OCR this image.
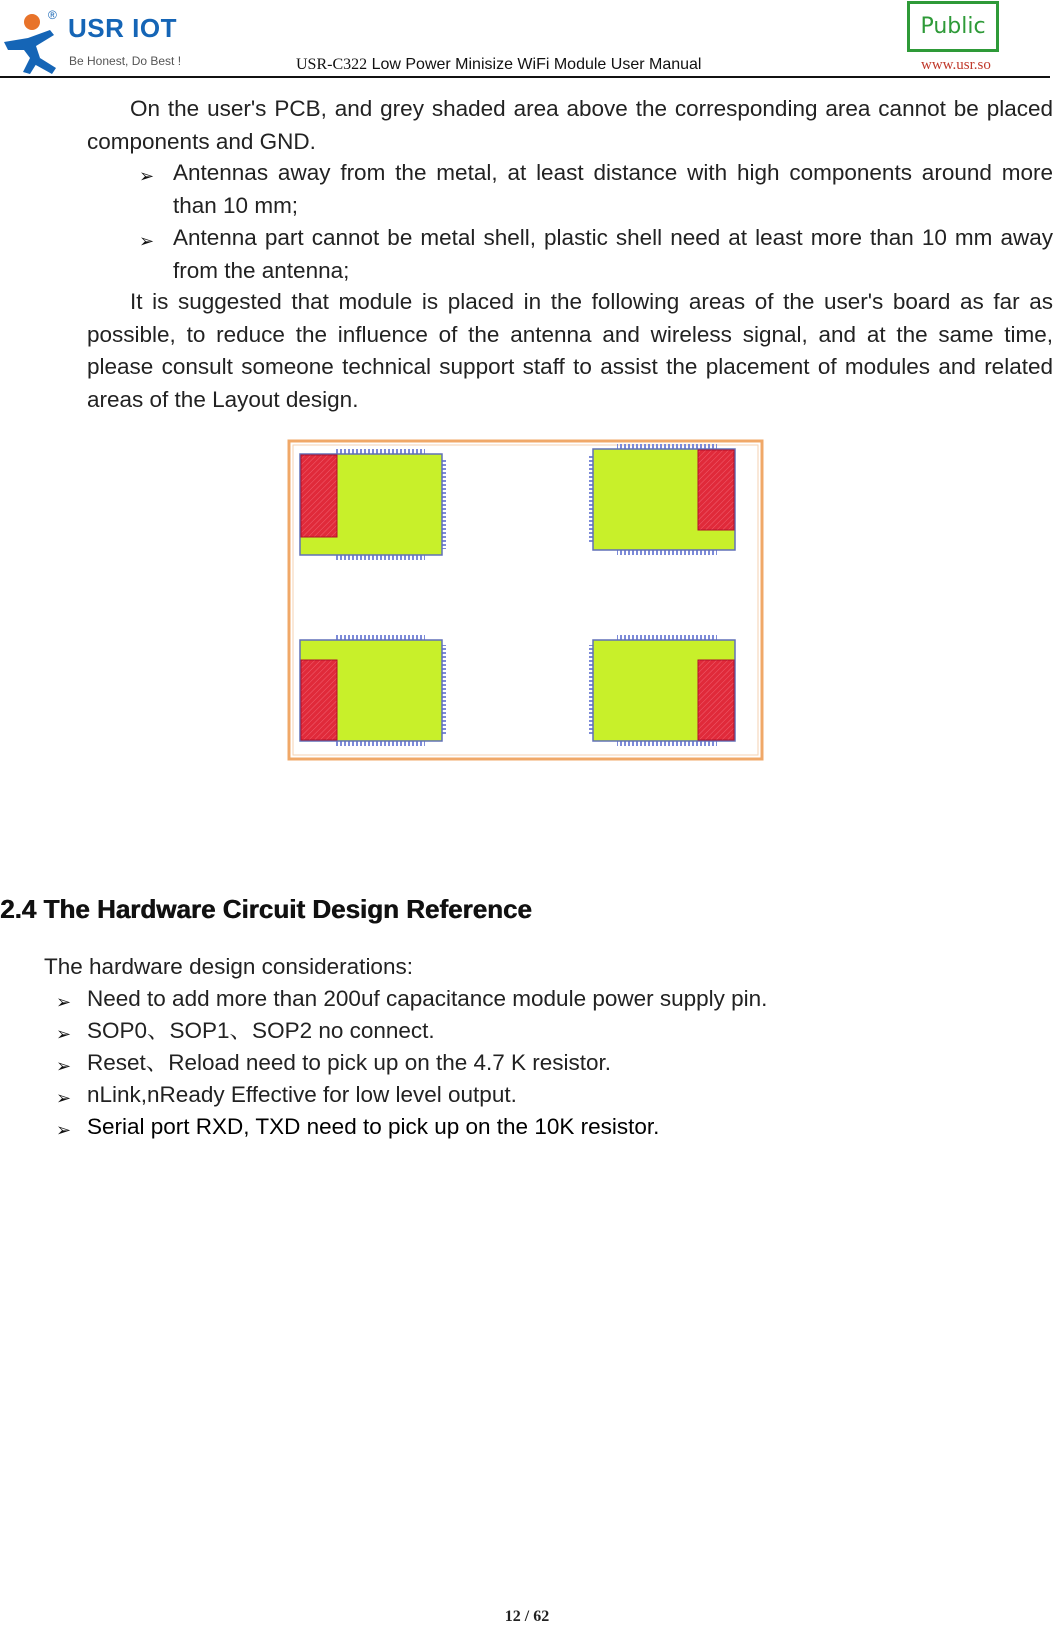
® USR IOT
Be Honest, Do Best !	USR-C322 Low Power Minisize WiFi Module User Manual
Public
www.usr.so
On the user's PCB, and grey shaded area above the corresponding area cannot be placed components and GND.
➢ Antennas away from the metal, at least distance with high components around more than 10 mm;
➢ Antenna part cannot be metal shell, plastic shell need at least more than 10 mm away from the antenna;
It is suggested that module is placed in the following areas of the user's board as far as possible, to reduce the influence of the antenna and wireless signal, and at the same time, please consult someone technical support staff to assist the placement of modules and related areas of the Layout design.
2.4 The Hardware Circuit Design Reference
The hardware design considerations:
➢ Need to add more than 200uf capacitance module power supply pin.
➢ SOP0、SOP1、SOP2 no connect.
➢ Reset、Reload need to pick up on the 4.7 K resistor.
➢ nLink,nReady Effective for low level output.
➢ Serial port RXD, TXD need to pick up on the 10K resistor.
12 / 62
